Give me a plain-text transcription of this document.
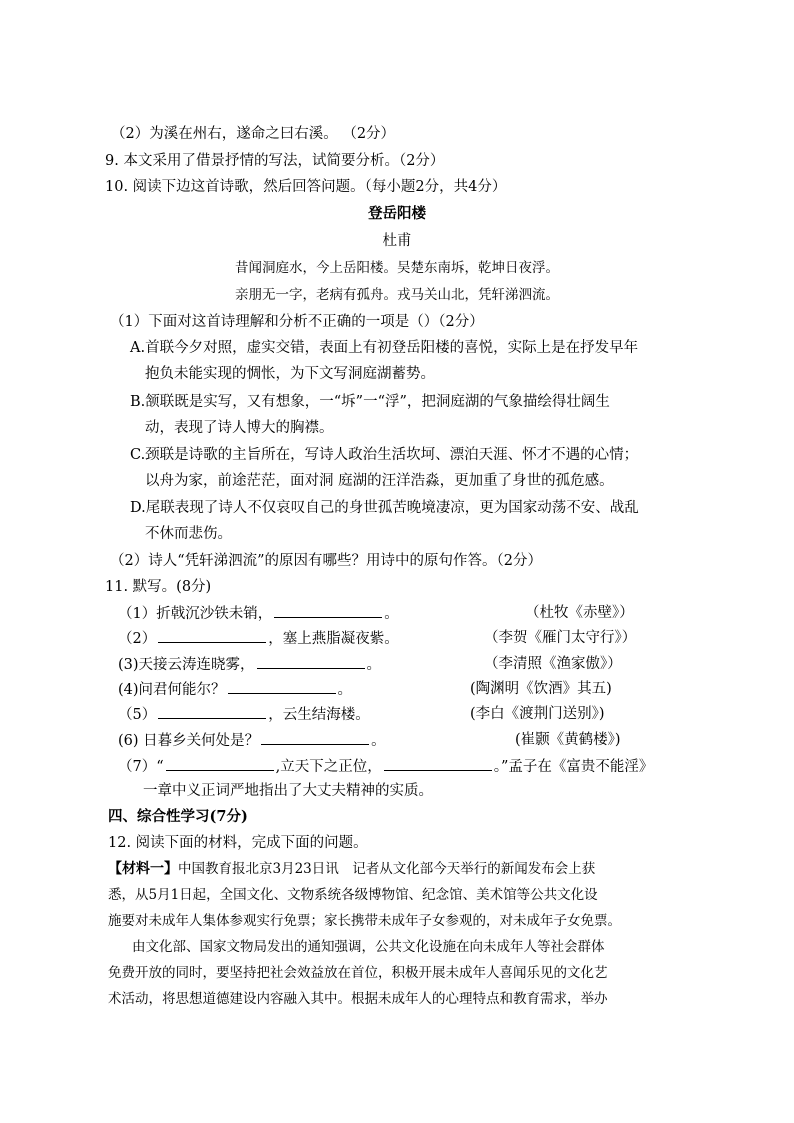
（2）为溪在州右，遂命之曰右溪。 （2分）
9. 本文采用了借景抒情的写法，试简要分析。（2分）
10. 阅读下边这首诗歌，然后回答问题。（每小题2分，共4分）
登岳阳楼
杜甫
昔闻洞庭水，今上岳阳楼。吴楚东南坼，乾坤日夜浮。
亲朋无一字，老病有孤舟。戎马关山北，凭轩涕泗流。
（1）下面对这首诗理解和分析不正确的一项是（）（2分）
A.首联今夕对照，虚实交错，表面上有初登岳阳楼的喜悦，实际上是在抒发早年
抱负未能实现的惆怅，为下文写洞庭湖蓄势。
B.颔联既是实写，又有想象，一“坼”一“浮”，把洞庭湖的气象描绘得壮阔生
动，表现了诗人博大的胸襟。
C.颈联是诗歌的主旨所在，写诗人政治生活坎坷、漂泊天涯、怀才不遇的心情；
以舟为家，前途茫茫，面对洞 庭湖的汪洋浩淼，更加重了身世的孤危感。
D.尾联表现了诗人不仅哀叹自己的身世孤苦晚境凄凉，更为国家动荡不安、战乱
不休而悲伤。
（2）诗人“凭轩涕泗流”的原因有哪些？用诗中的原句作答。（2分）
11. 默写。(8分)
（1）折戟沉沙铁未销，	。	（杜牧《赤壁》）
（2）	，塞上燕脂凝夜紫。	（李贺《雁门太守行》）
(3)天接云涛连晓雾，	。	（李清照《渔家傲》）
(4)问君何能尔？	。	(陶渊明《饮酒》其五)
（5）	，云生结海楼。	(李白《渡荆门送别》)
(6) 日暮乡关何处是？	。	(崔颢《黄鹤楼》)
（7）“	,立天下之正位，	。”孟子在《富贵不能淫》
一章中义正词严地指出了大丈夫精神的实质。
四、综合性学习(7分)
12. 阅读下面的材料，完成下面的问题。
【材料一】中国教育报北京3月23日讯　记者从文化部今天举行的新闻发布会上获
悉，从5月1日起，全国文化、文物系统各级博物馆、纪念馆、美术馆等公共文化设
施要对未成年人集体参观实行免票；家长携带未成年子女参观的，对未成年子女免票。
由文化部、国家文物局发出的通知强调，公共文化设施在向未成年人等社会群体
免费开放的同时，要坚持把社会效益放在首位，积极开展未成年人喜闻乐见的文化艺
术活动，将思想道德建设内容融入其中。根据未成年人的心理特点和教育需求，举办
